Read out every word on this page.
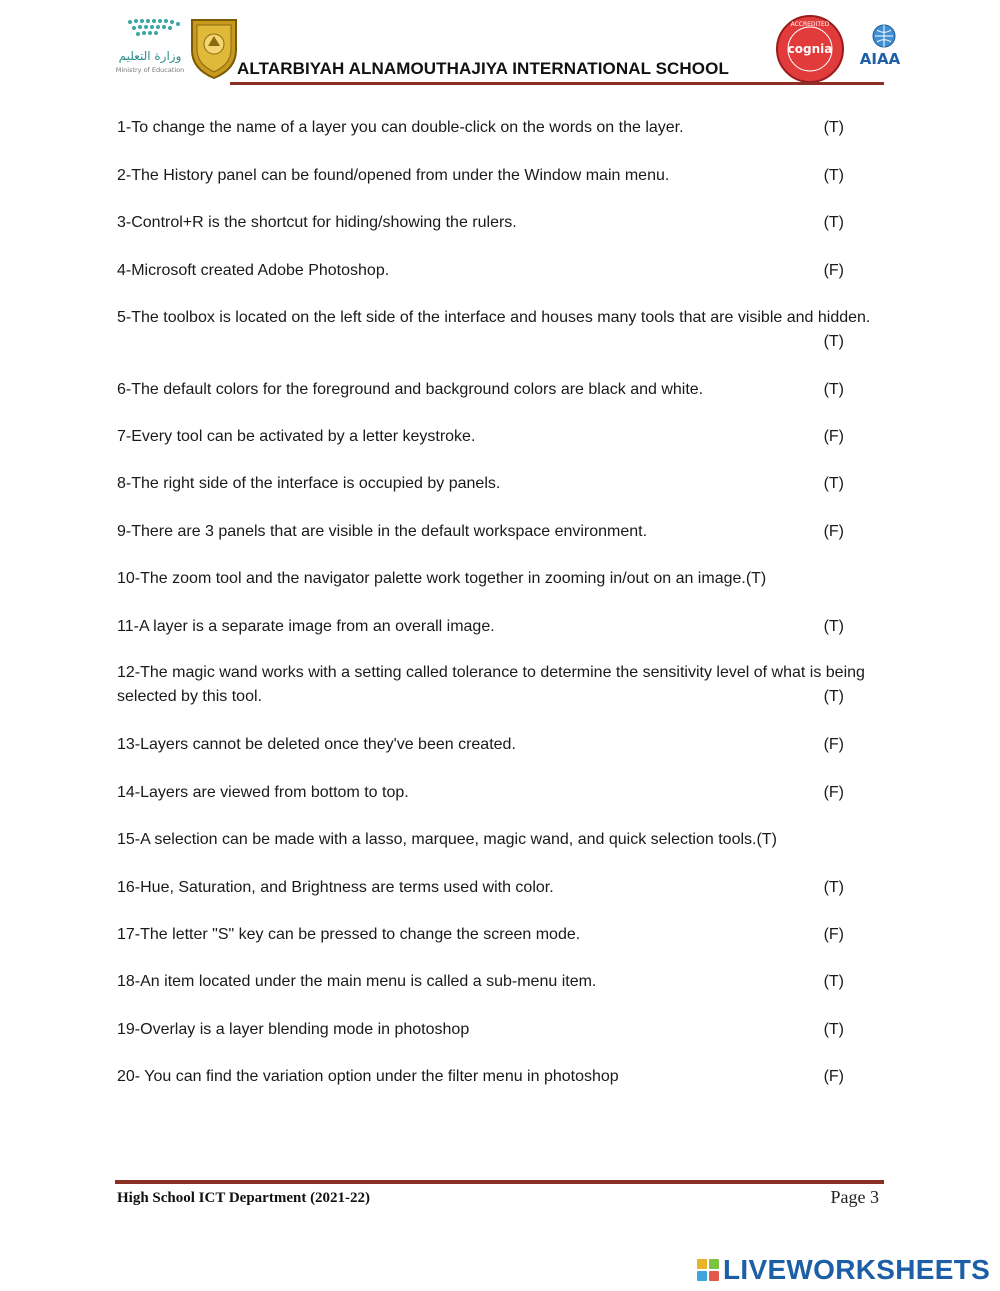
وزارة التعليم
Ministry of Education	ALTARBIYAH ALNAMOUTHAJIYA INTERNATIONAL SCHOOL
ACCREDITED
cognia
AIAA
1-To change the name of a layer you can double-click on the words on the layer.	(T)
2-The History panel can be found/opened from under the Window main menu.	(T)
3-Control+R is the shortcut for hiding/showing the rulers.	(T)
4-Microsoft created Adobe Photoshop.	(F)
5-The toolbox is located on the left side of the interface and houses many tools that are visible and hidden.
(T)
6-The default colors for the foreground and background colors are black and white.	(T)
7-Every tool can be activated by a letter keystroke.	(F)
8-The right side of the interface is occupied by panels.	(T)
9-There are 3 panels that are visible in the default workspace environment.	(F)
10-The zoom tool and the navigator palette work together in zooming in/out on an image.(T)
11-A layer is a separate image from an overall image.	(T)
12-The magic wand works with a setting called tolerance to determine the sensitivity level of what is being selected by this tool.	(T)
13-Layers cannot be deleted once they've been created.	(F)
14-Layers are viewed from bottom to top.	(F)
15-A selection can be made with a lasso, marquee, magic wand, and quick selection tools.(T)
16-Hue, Saturation, and Brightness are terms used with color.	(T)
17-The letter "S" key can be pressed to change the screen mode.	(F)
18-An item located under the main menu is called a sub-menu item.	(T)
19-Overlay is a layer blending mode in photoshop	(T)
20- You can find the variation option under the filter menu in photoshop	(F)
High School ICT Department (2021-22)	Page 3
LIVEWORKSHEETS
